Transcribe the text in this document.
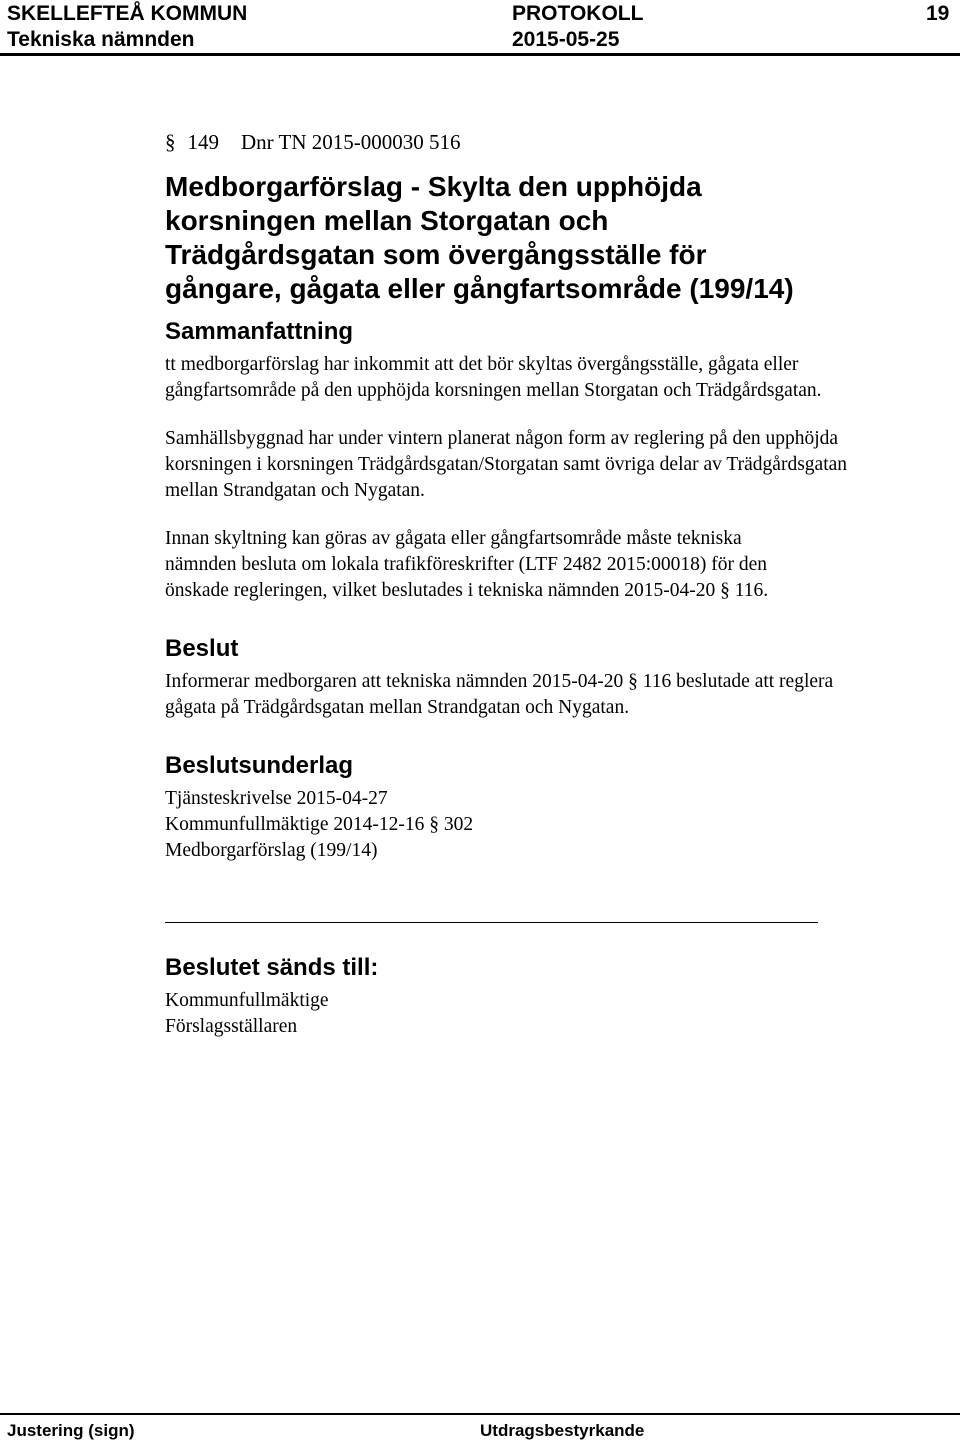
SKELLEFTEÅ KOMMUN	PROTOKOLL	19
Tekniska nämnden	2015-05-25
§ 149 Dnr TN 2015-000030 516
Medborgarförslag - Skylta den upphöjda korsningen mellan Storgatan och Trädgårdsgatan som övergångsställe för gångare, gågata eller gångfartsområde (199/14)
Sammanfattning

tt medborgarförslag har inkommit att det bör skyltas övergångsställe, gågata eller gångfartsområde på den upphöjda korsningen mellan Storgatan och Trädgårdsgatan.

Samhällsbyggnad har under vintern planerat någon form av reglering på den upphöjda korsningen i korsningen Trädgårdsgatan/Storgatan samt övriga delar av Trädgårdsgatan mellan Strandgatan och Nygatan.

Innan skyltning kan göras av gågata eller gångfartsområde måste tekniska nämnden besluta om lokala trafikföreskrifter (LTF 2482 2015:00018) för den önskade regleringen, vilket beslutades i tekniska nämnden 2015-04-20 § 116.

Beslut

Informerar medborgaren att tekniska nämnden 2015-04-20 § 116 beslutade att reglera gågata på Trädgårdsgatan mellan Strandgatan och Nygatan.

Beslutsunderlag
Tjänsteskrivelse 2015-04-27
Kommunfullmäktige 2014-12-16 § 302
Medborgarförslag (199/14)
Beslutet sänds till:
Kommunfullmäktige
Förslagsställaren
Justering (sign)	Utdragsbestyrkande
